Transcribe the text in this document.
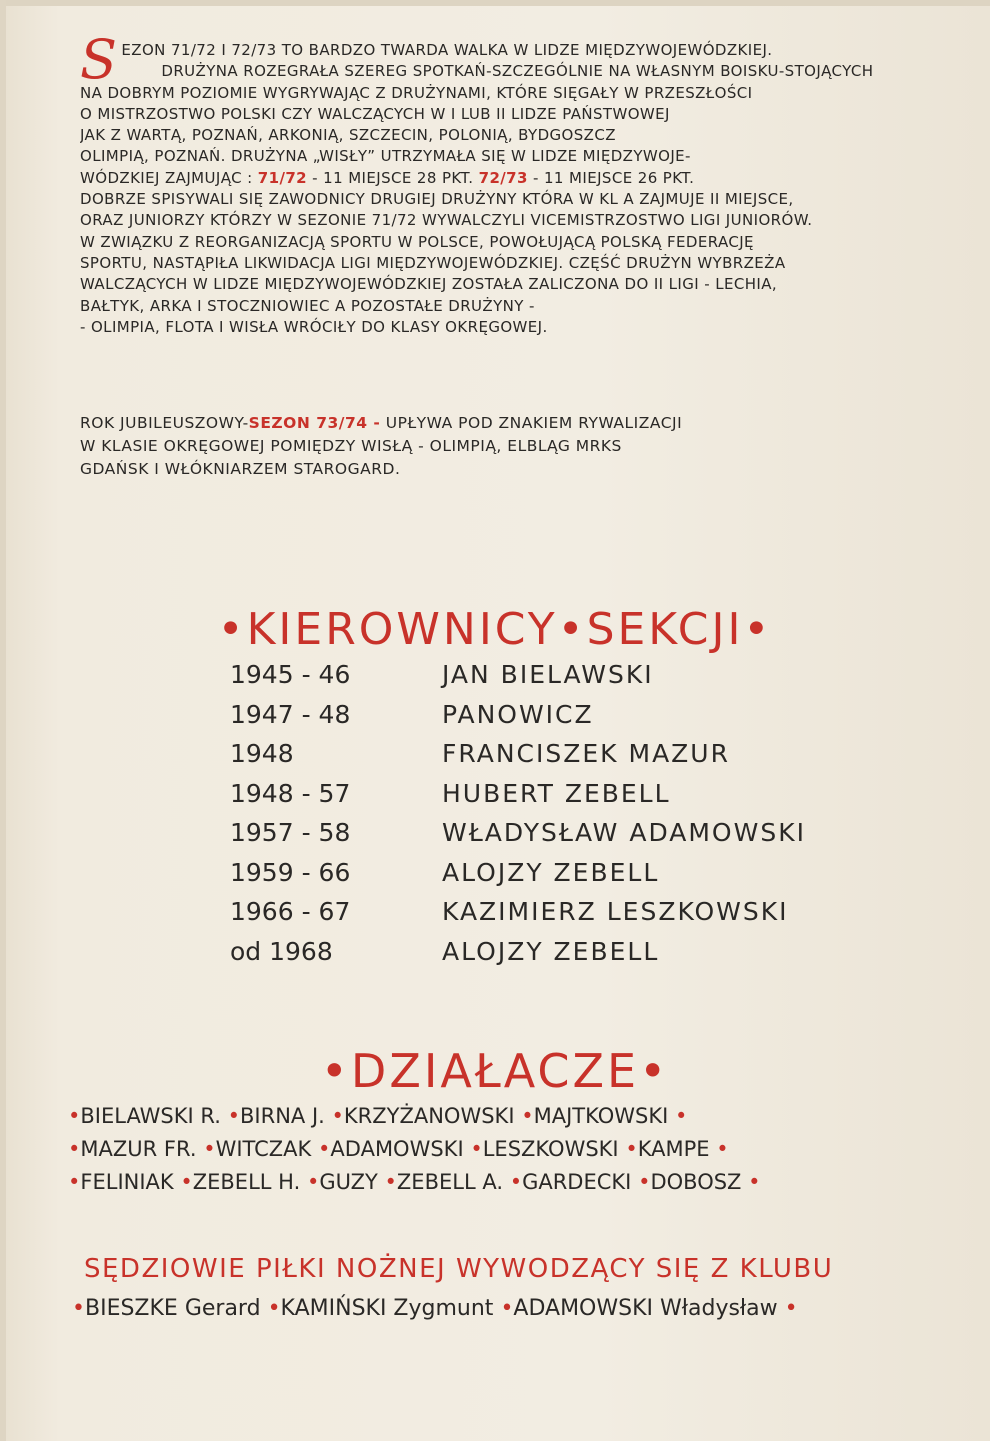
S EZON 71/72 I 72/73 TO BARDZO TWARDA WALKA W LIDZE MIĘDZYWOJEWÓDZKIEJ.
DRUŻYNA ROZEGRAŁA SZEREG SPOTKAŃ-SZCZEGÓLNIE NA WŁASNYM BOISKU-STOJĄCYCH
NA DOBRYM POZIOMIE WYGRYWAJĄC Z DRUŻYNAMI, KTÓRE SIĘGAŁY W PRZESZŁOŚCI
O MISTRZOSTWO POLSKI CZY WALCZĄCYCH W I LUB II LIDZE PAŃSTWOWEJ
JAK Z WARTĄ, POZNAŃ, ARKONIĄ, SZCZECIN, POLONIĄ, BYDGOSZCZ
OLIMPIĄ, POZNAŃ. DRUŻYNA „WISŁY” UTRZYMAŁA SIĘ W LIDZE MIĘDZYWOJE-
WÓDZKIEJ ZAJMUJĄC : 71/72 - 11 MIEJSCE 28 PKT. 72/73 - 11 MIEJSCE 26 PKT.
DOBRZE SPISYWALI SIĘ ZAWODNICY DRUGIEJ DRUŻYNY KTÓRA W KL A ZAJMUJE II MIEJSCE,
ORAZ JUNIORZY KTÓRZY W SEZONIE 71/72 WYWALCZYLI VICEMISTRZOSTWO LIGI JUNIORÓW.
W ZWIĄZKU Z REORGANIZACJĄ SPORTU W POLSCE, POWOŁUJĄCĄ POLSKĄ FEDERACJĘ
SPORTU, NASTĄPIŁA LIKWIDACJA LIGI MIĘDZYWOJEWÓDZKIEJ. CZĘŚĆ DRUŻYN WYBRZEŻA
WALCZĄCYCH W LIDZE MIĘDZYWOJEWÓDZKIEJ ZOSTAŁA ZALICZONA DO II LIGI - LECHIA,
BAŁTYK, ARKA I STOCZNIOWIEC A POZOSTAŁE DRUŻYNY -
- OLIMPIA, FLOTA I WISŁA WRÓCIŁY DO KLASY OKRĘGOWEJ.
ROK JUBILEUSZOWY-SEZON 73/74 - UPŁYWA POD ZNAKIEM RYWALIZACJI
W KLASIE OKRĘGOWEJ POMIĘDZY WISŁĄ - OLIMPIĄ, ELBLĄG MRKS
GDAŃSK I WŁÓKNIARZEM STAROGARD.
•KIEROWNICY•SEKCJI•
1945 - 46	JAN BIELAWSKI
1947 - 48	PANOWICZ
1948	FRANCISZEK MAZUR
1948 - 57	HUBERT ZEBELL
1957 - 58	WŁADYSŁAW ADAMOWSKI
1959 - 66	ALOJZY ZEBELL
1966 - 67	KAZIMIERZ LESZKOWSKI
od 1968	ALOJZY ZEBELL
•DZIAŁACZE•
•BIELAWSKI R. •BIRNA J. •KRZYŻANOWSKI •MAJTKOWSKI •
•MAZUR FR. •WITCZAK •ADAMOWSKI •LESZKOWSKI •KAMPE •
•FELINIAK •ZEBELL H. •GUZY •ZEBELL A. •GARDECKI •DOBOSZ •
SĘDZIOWIE PIŁKI NOŻNEJ WYWODZĄCY SIĘ Z KLUBU
•BIESZKE Gerard •KAMIŃSKI Zygmunt •ADAMOWSKI Władysław •
